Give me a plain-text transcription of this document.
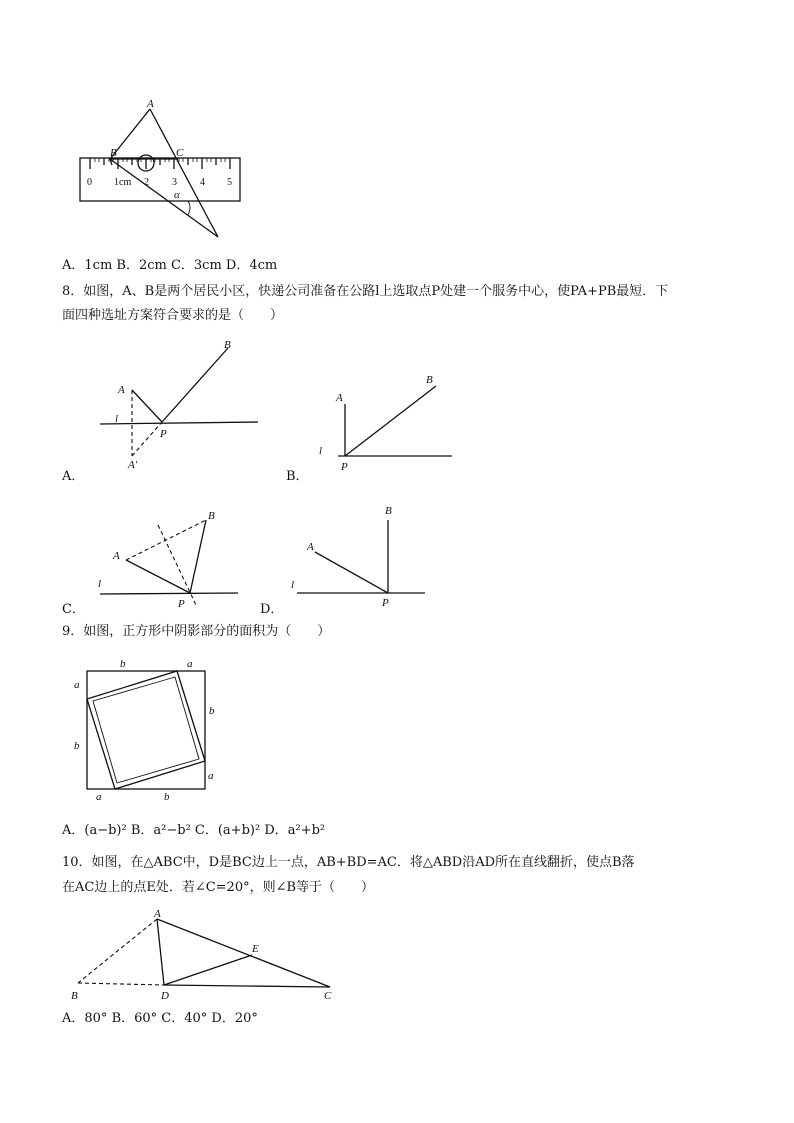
A
B	C
0 1cm 2 3 4 5
α
A．1cm B．2cm C．3cm D．4cm
8．如图，A、B是两个居民小区，快递公司准备在公路l上选取点P处建一个服务中心，使PA+PB最短．下
面四种选址方案符合要求的是（　　）
A
B
P
l
A′
A．
A
B
P
l
B．
A
B
P
l
C．
A
B
P
l
D．
9．如图，正方形中阴影部分的面积为（　　）
b	a
a
b
b
a
a	b
A．(a−b)² B．a²−b² C．(a+b)² D．a²+b²
10．如图，在△ABC中，D是BC边上一点，AB+BD=AC．将△ABD沿AD所在直线翻折，使点B落
在AC边上的点E处．若∠C=20°，则∠B等于（　　）
A
B	D	C
E
A．80° B．60° C．40° D．20°
